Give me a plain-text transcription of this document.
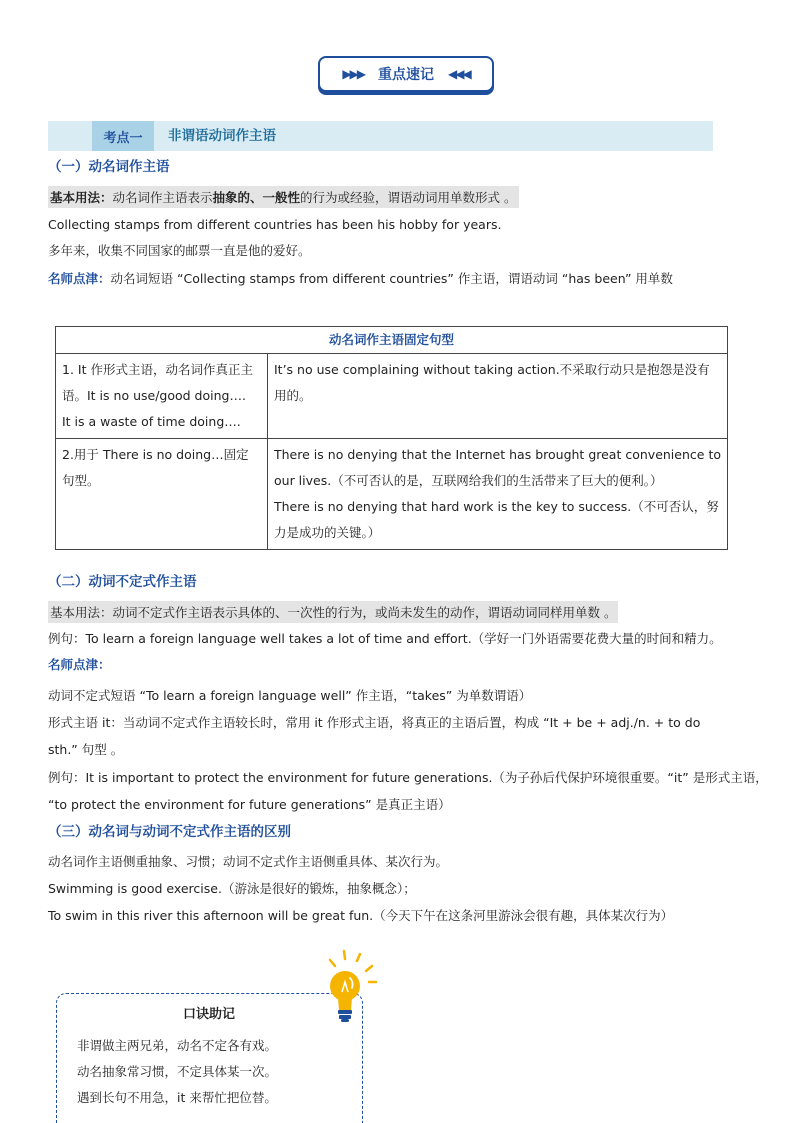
▶▶▶ 重点速记 ◀◀◀
考点一	非谓语动词作主语
（一）动名词作主语
基本用法：动名词作主语表示抽象的、一般性的行为或经验，谓语动词用单数形式 。
Collecting stamps from different countries has been his hobby for years.
多年来，收集不同国家的邮票一直是他的爱好。
名师点津：动名词短语 “Collecting stamps from different countries” 作主语，谓语动词 “has been” 用单数
动名词作主语固定句型	

1. It 作形式主语，动名词作真正主语。It is no use/good doing….
It is a waste of time doing….	It’s no use complaining without taking action.不采取行动只是抱怨是没有用的。

2.用于 There is no doing…固定句型。	There is no denying that the Internet has brought great convenience to our lives.（不可否认的是，互联网给我们的生活带来了巨大的便利。）
There is no denying that hard work is the key to success.（不可否认，努力是成功的关键。）
（二）动词不定式作主语
基本用法：动词不定式作主语表示具体的、一次性的行为，或尚未发生的动作，谓语动词同样用单数 。
例句：To learn a foreign language well takes a lot of time and effort.（学好一门外语需要花费大量的时间和精力。
名师点津：
动词不定式短语 “To learn a foreign language well” 作主语，“takes” 为单数谓语）
形式主语 it：当动词不定式作主语较长时，常用 it 作形式主语，将真正的主语后置，构成 “It + be + adj./n. + to do
sth.” 句型 。
例句：It is important to protect the environment for future generations.（为子孙后代保护环境很重要。“it” 是形式主语，
“to protect the environment for future generations” 是真正主语）
（三）动名词与动词不定式作主语的区别
动名词作主语侧重抽象、习惯；动词不定式作主语侧重具体、某次行为。
Swimming is good exercise.（游泳是很好的锻炼，抽象概念）；
To swim in this river this afternoon will be great fun.（今天下午在这条河里游泳会很有趣，具体某次行为）
口诀助记
非谓做主两兄弟，动名不定各有戏。
动名抽象常习惯，不定具体某一次。
遇到长句不用急，it 来帮忙把位替。
